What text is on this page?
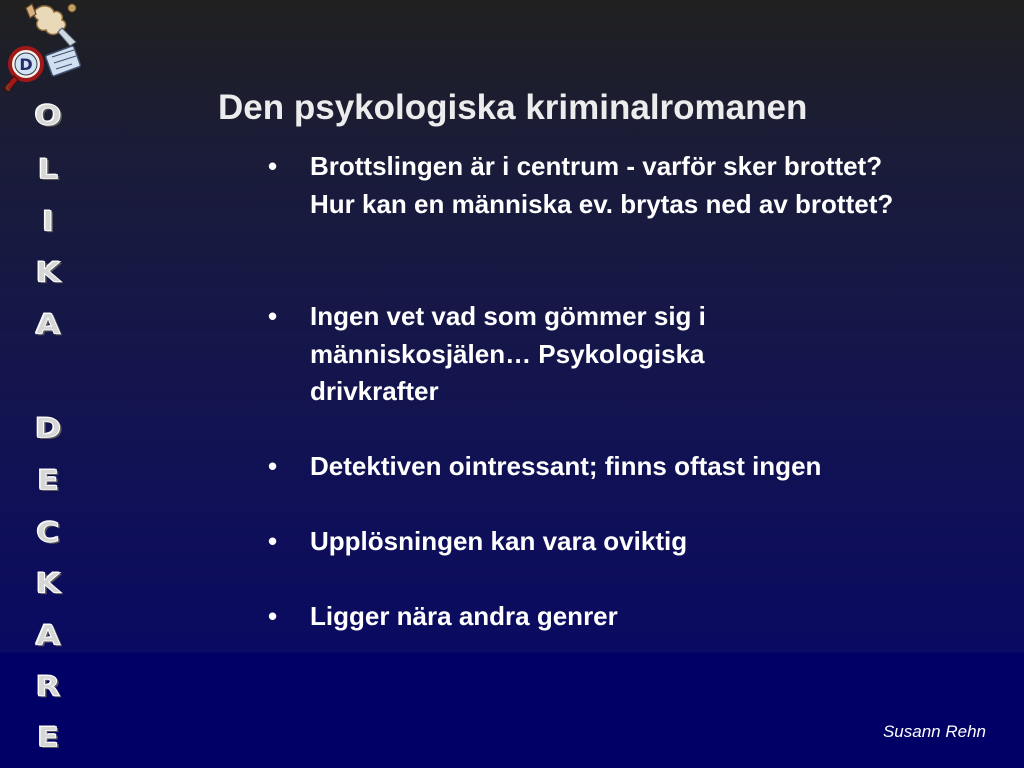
D
O
L
I
K
A
D
E
C
K
A
R
E
Den psykologiska kriminalromanen
•	Brottslingen är i centrum - varför sker brottet? Hur kan en människa ev. brytas ned av brottet?
•	Ingen vet vad som gömmer sig i människosjälen… Psykologiska drivkrafter
•	Detektiven ointressant; finns oftast ingen
•	Upplösningen kan vara oviktig
•	Ligger nära andra genrer
Susann Rehn
